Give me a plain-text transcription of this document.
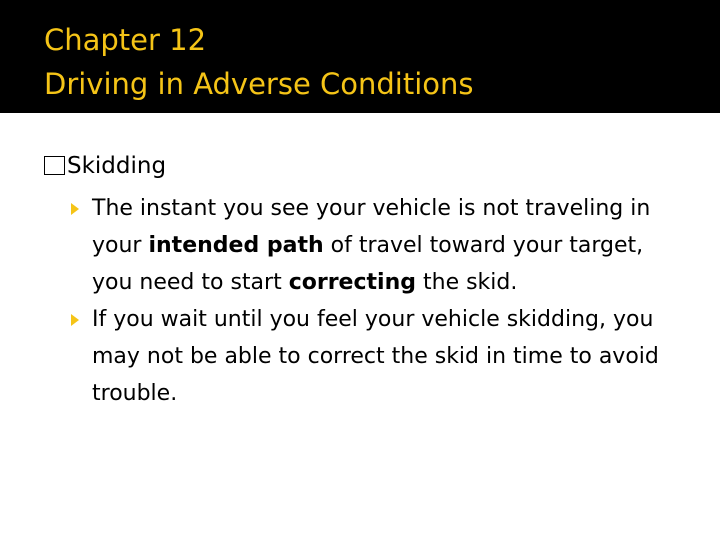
Chapter 12
Driving in Adverse Conditions
Skidding
The instant you see your vehicle is not traveling in your intended path of travel toward your target, you need to start correcting the skid.
If you wait until you feel your vehicle skidding, you may not be able to correct the skid in time to avoid trouble.
